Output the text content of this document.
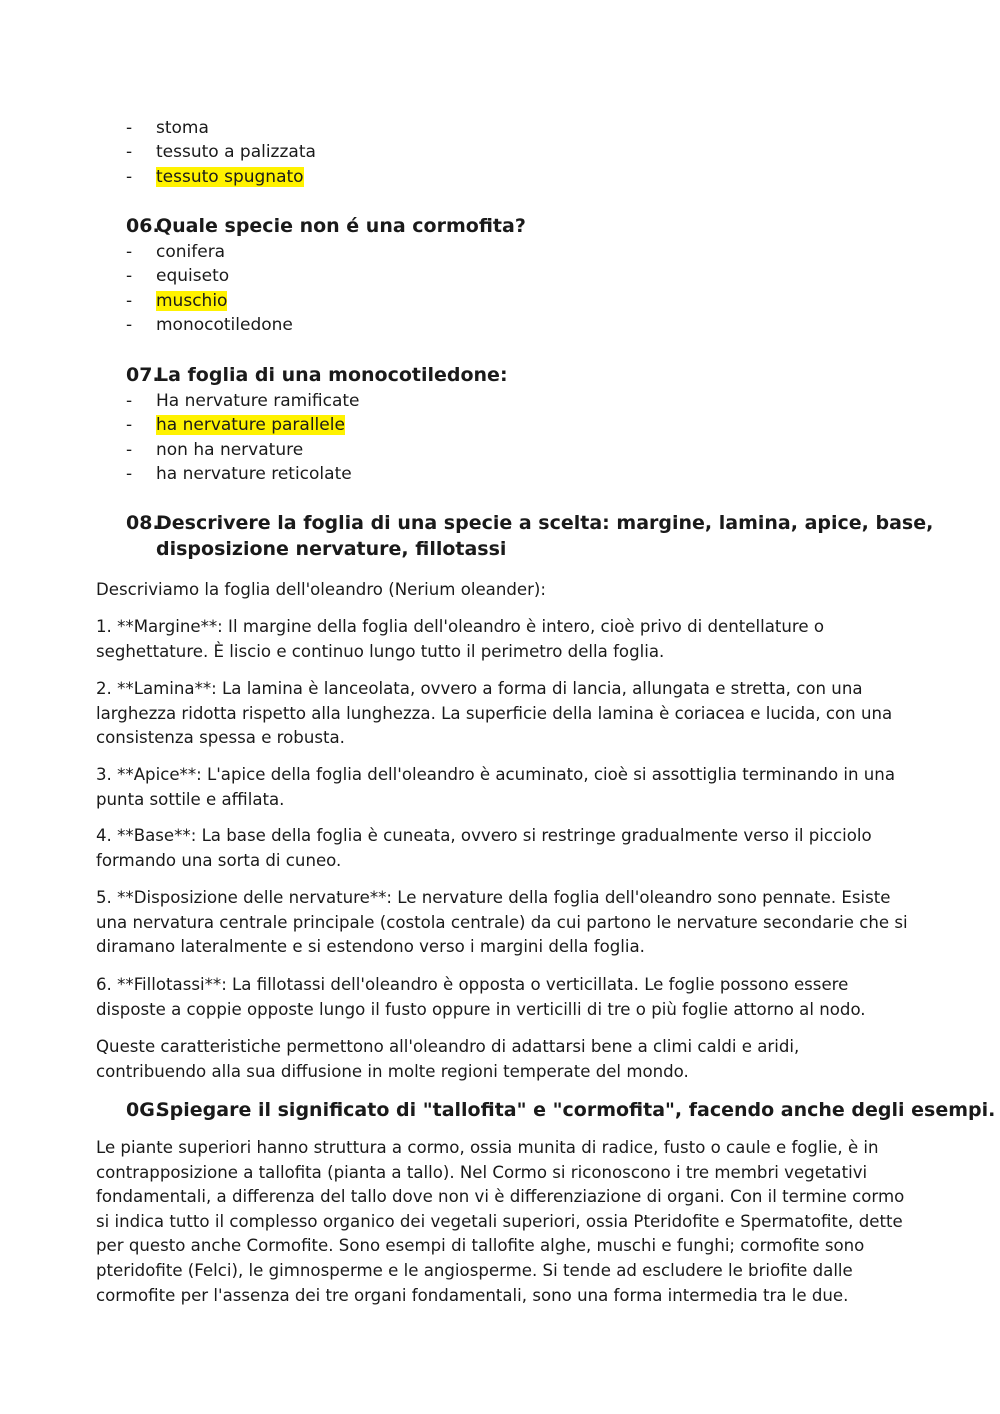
- stoma
- tessuto a palizzata
- tessuto spugnato
06.Quale specie non é una cormofita?
- conifera
- equiseto
- muschio
- monocotiledone
07.La foglia di una monocotiledone:
- Ha nervature ramificate
- ha nervature parallele
- non ha nervature
- ha nervature reticolate
08.Descrivere la foglia di una specie a scelta: margine, lamina, apice, base,
disposizione nervature, fillotassi

Descriviamo la foglia dell'oleandro (Nerium oleander):

1. **Margine**: Il margine della foglia dell'oleandro è intero, cioè privo di dentellature o seghettature. È liscio e continuo lungo tutto il perimetro della foglia.

2. **Lamina**: La lamina è lanceolata, ovvero a forma di lancia, allungata e stretta, con una larghezza ridotta rispetto alla lunghezza. La superficie della lamina è coriacea e lucida, con una consistenza spessa e robusta.

3. **Apice**: L'apice della foglia dell'oleandro è acuminato, cioè si assottiglia terminando in una punta sottile e affilata.

4. **Base**: La base della foglia è cuneata, ovvero si restringe gradualmente verso il picciolo formando una sorta di cuneo.

5. **Disposizione delle nervature**: Le nervature della foglia dell'oleandro sono pennate. Esiste una nervatura centrale principale (costola centrale) da cui partono le nervature secondarie che si diramano lateralmente e si estendono verso i margini della foglia.

6. **Fillotassi**: La fillotassi dell'oleandro è opposta o verticillata. Le foglie possono essere disposte a coppie opposte lungo il fusto oppure in verticilli di tre o più foglie attorno al nodo.

Queste caratteristiche permettono all'oleandro di adattarsi bene a climi caldi e aridi, contribuendo alla sua diffusione in molte regioni temperate del mondo.

0G.Spiegare il significato di "tallofita" e "cormofita", facendo anche degli esempi.

Le piante superiori hanno struttura a cormo, ossia munita di radice, fusto o caule e foglie, è in contrapposizione a tallofita (pianta a tallo). Nel Cormo si riconoscono i tre membri vegetativi fondamentali, a differenza del tallo dove non vi è differenziazione di organi. Con il termine cormo si indica tutto il complesso organico dei vegetali superiori, ossia Pteridofite e Spermatofite, dette per questo anche Cormofite. Sono esempi di tallofite alghe, muschi e funghi; cormofite sono pteridofite (Felci), le gimnosperme e le angiosperme. Si tende ad escludere le briofite dalle cormofite per l'assenza dei tre organi fondamentali, sono una forma intermedia tra le due.
